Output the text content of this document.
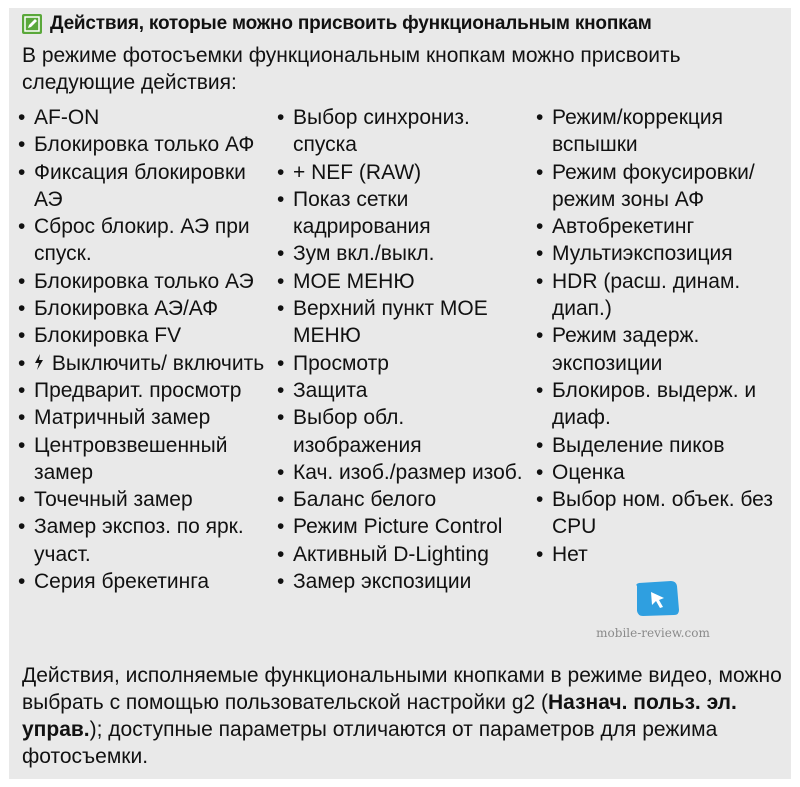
Действия, которые можно присвоить функциональным кнопкам
В режиме фотосъемки функциональным кнопкам можно присвоить следующие действия:
• AF-ON
• Блокировка только АФ
• Фиксация блокировки АЭ
• Сброс блокир. АЭ при спуск.
• Блокировка только АЭ
• Блокировка АЭ/АФ
• Блокировка FV
• Выключить/ включить
• Предварит. просмотр
• Матричный замер
• Центровзвешенный замер
• Точечный замер
• Замер экспоз. по ярк. участ.
• Серия брекетинга
• Выбор синхрониз. спуска
• + NEF (RAW)
• Показ сетки кадрирования
• Зум вкл./выкл.
• МОЕ МЕНЮ
• Верхний пункт МОЕ МЕНЮ
• Просмотр
• Защита
• Выбор обл. изображения
• Кач. изоб./размер изоб.
• Баланс белого
• Режим Picture Control
• Активный D-Lighting
• Замер экспозиции
• Режим/коррекция вспышки
• Режим фокусировки/ режим зоны АФ
• Автобрекетинг
• Мультиэкспозиция
• HDR (расш. динам. диап.)
• Режим задерж. экспозиции
• Блокиров. выдерж. и диаф.
• Выделение пиков
• Оценка
• Выбор ном. объек. без CPU
• Нет
mobile-review.com
Действия, исполняемые функциональными кнопками в режиме видео, можно выбрать с помощью пользовательской настройки g2 (Назнач. польз. эл. управ.); доступные параметры отличаются от параметров для режима фотосъемки.
